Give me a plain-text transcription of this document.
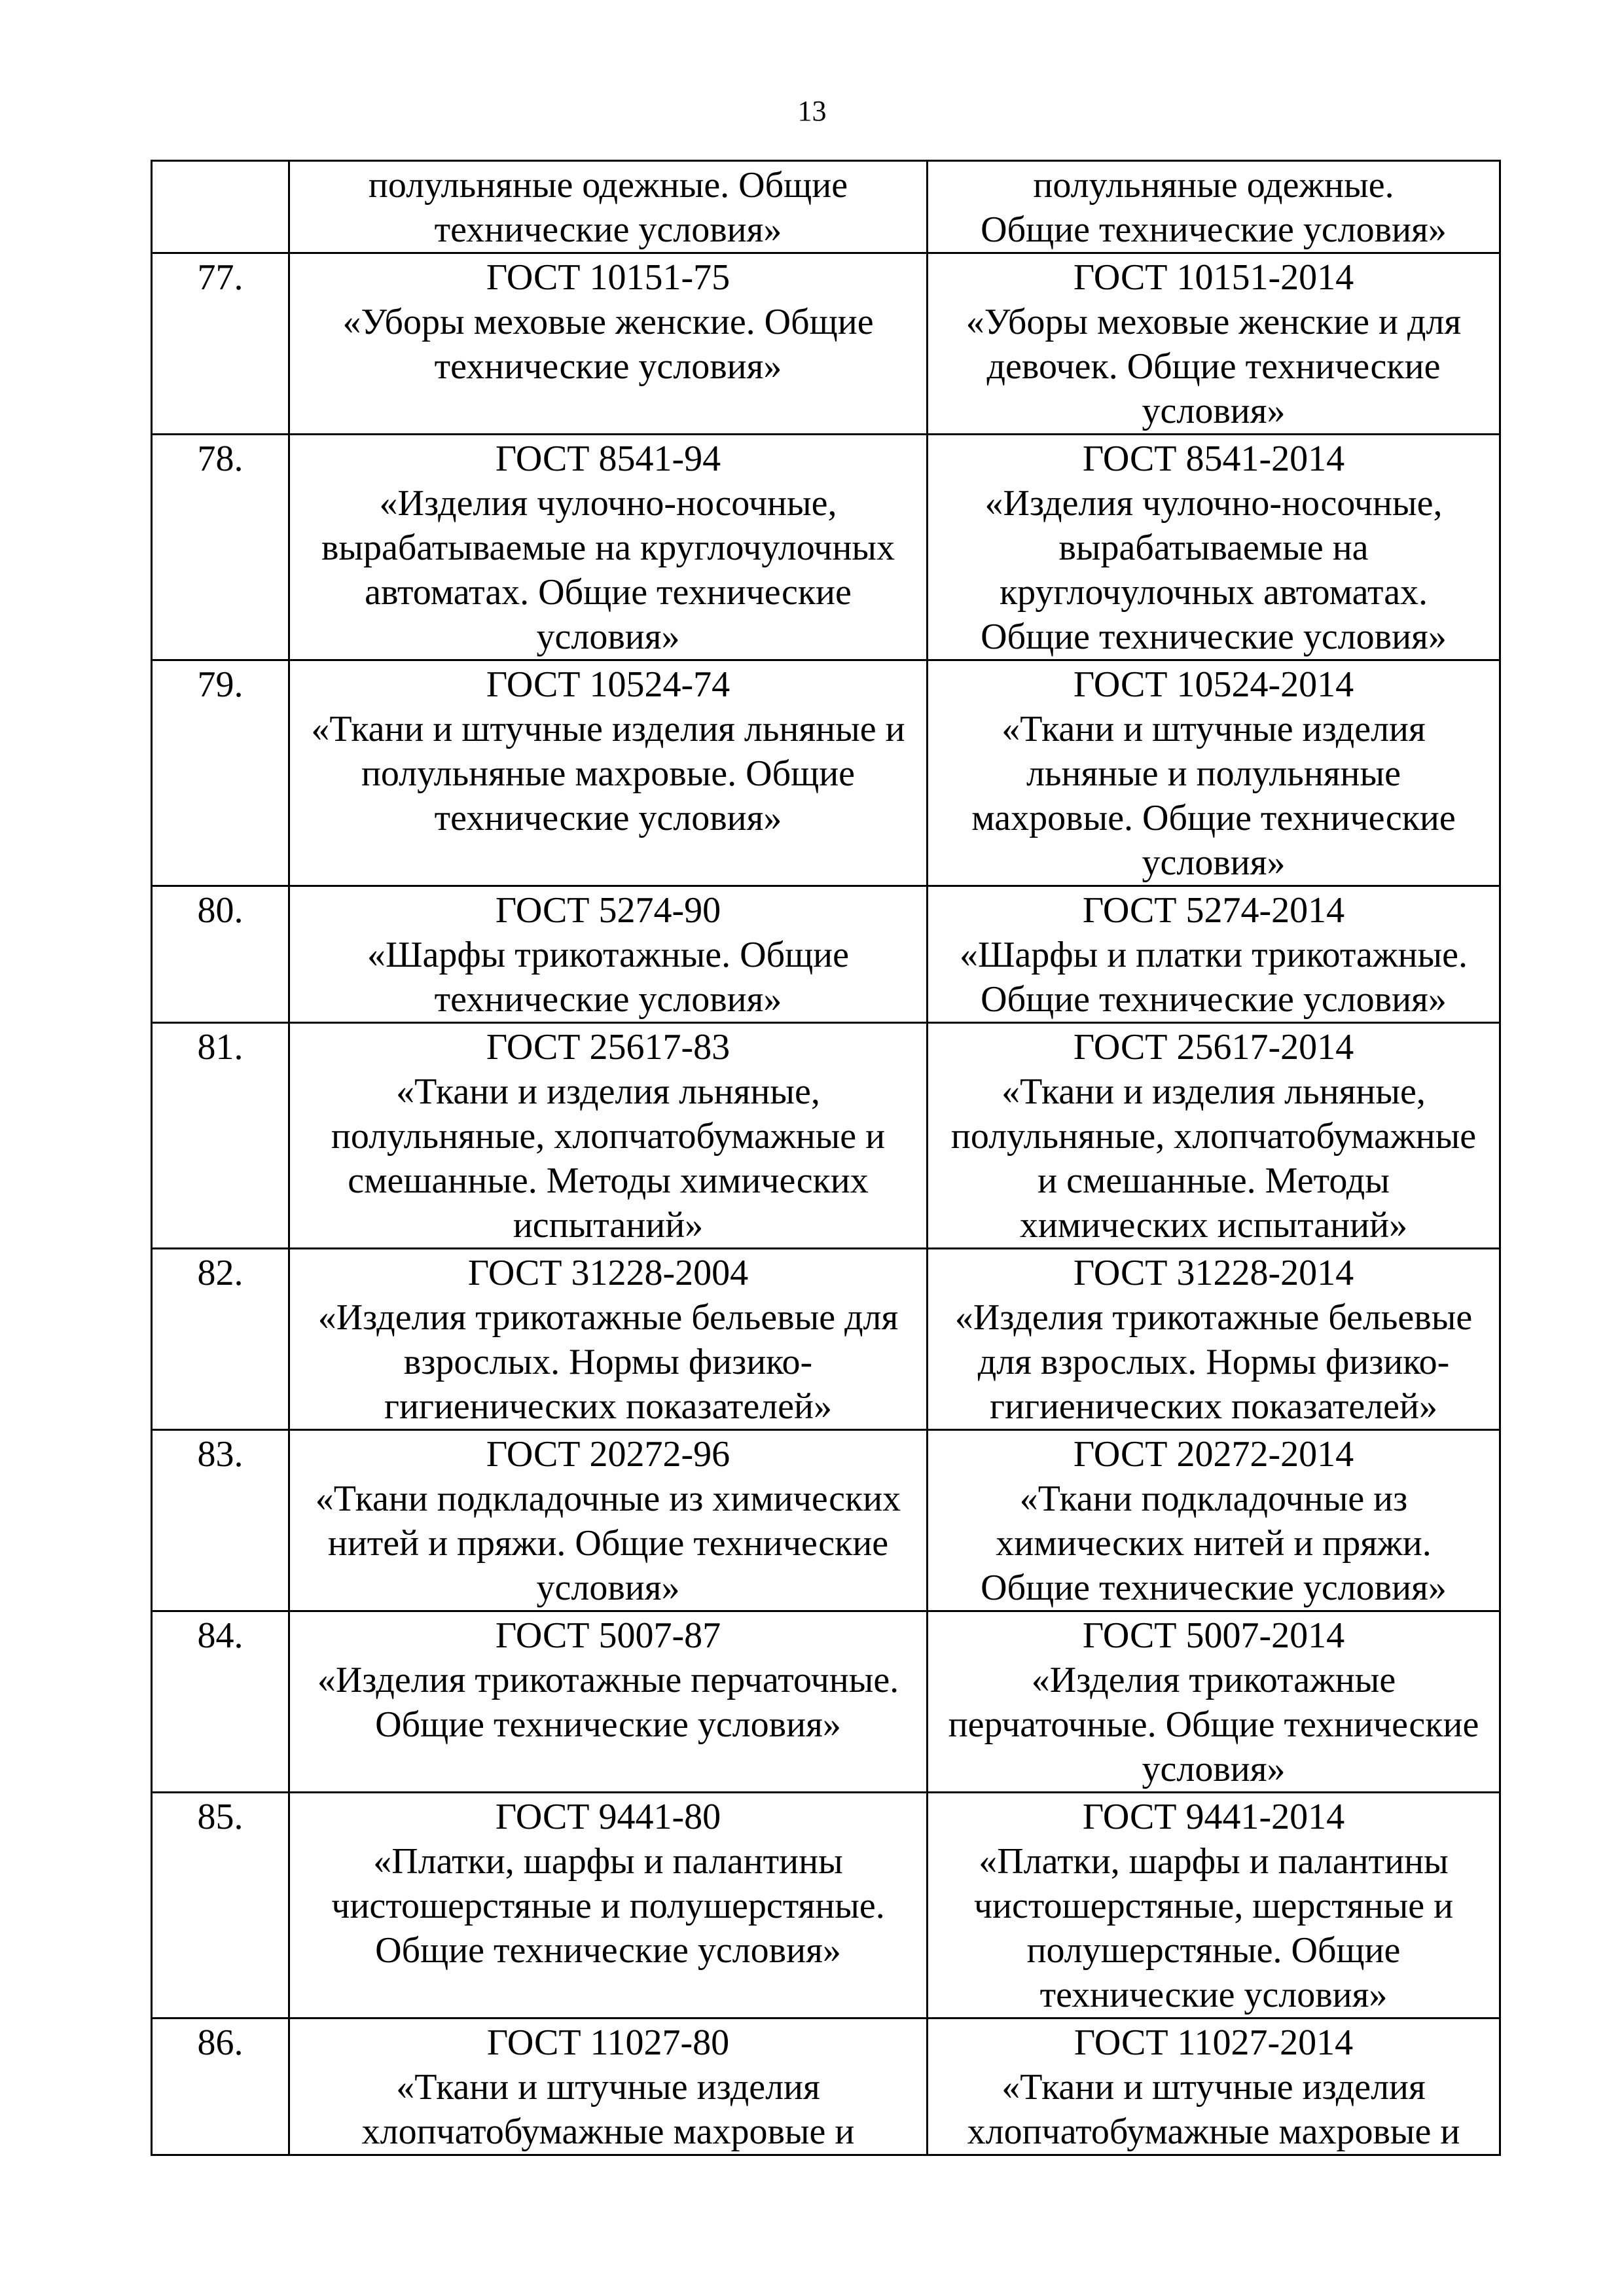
13

	полульняные одежные. Общие
технические условия»	полульняные одежные.
Общие технические условия»

77.	ГОСТ 10151-75
«Уборы меховые женские. Общие
технические условия»	ГОСТ 10151-2014
«Уборы меховые женские и для
девочек. Общие технические
условия»

78.	ГОСТ 8541-94
«Изделия чулочно-носочные,
вырабатываемые на круглочулочных
автоматах. Общие технические
условия»	ГОСТ 8541-2014
«Изделия чулочно-носочные,
вырабатываемые на
круглочулочных автоматах.
Общие технические условия»

79.	ГОСТ 10524-74
«Ткани и штучные изделия льняные и
полульняные махровые. Общие
технические условия»	ГОСТ 10524-2014
«Ткани и штучные изделия
льняные и полульняные
махровые. Общие технические
условия»

80.	ГОСТ 5274-90
«Шарфы трикотажные. Общие
технические условия»	ГОСТ 5274-2014
«Шарфы и платки трикотажные.
Общие технические условия»

81.	ГОСТ 25617-83
«Ткани и изделия льняные,
полульняные, хлопчатобумажные и
смешанные. Методы химических
испытаний»	ГОСТ 25617-2014
«Ткани и изделия льняные,
полульняные, хлопчатобумажные
и смешанные. Методы
химических испытаний»

82.	ГОСТ 31228-2004
«Изделия трикотажные бельевые для
взрослых. Нормы физико-
гигиенических показателей»	ГОСТ 31228-2014
«Изделия трикотажные бельевые
для взрослых. Нормы физико-
гигиенических показателей»

83.	ГОСТ 20272-96
«Ткани подкладочные из химических
нитей и пряжи. Общие технические
условия»	ГОСТ 20272-2014
«Ткани подкладочные из
химических нитей и пряжи.
Общие технические условия»

84.	ГОСТ 5007-87
«Изделия трикотажные перчаточные.
Общие технические условия»	ГОСТ 5007-2014
«Изделия трикотажные
перчаточные. Общие технические
условия»

85.	ГОСТ 9441-80
«Платки, шарфы и палантины
чистошерстяные и полушерстяные.
Общие технические условия»	ГОСТ 9441-2014
«Платки, шарфы и палантины
чистошерстяные, шерстяные и
полушерстяные. Общие
технические условия»

86.	ГОСТ 11027-80
«Ткани и штучные изделия
хлопчатобумажные махровые и	ГОСТ 11027-2014
«Ткани и штучные изделия
хлопчатобумажные махровые и
